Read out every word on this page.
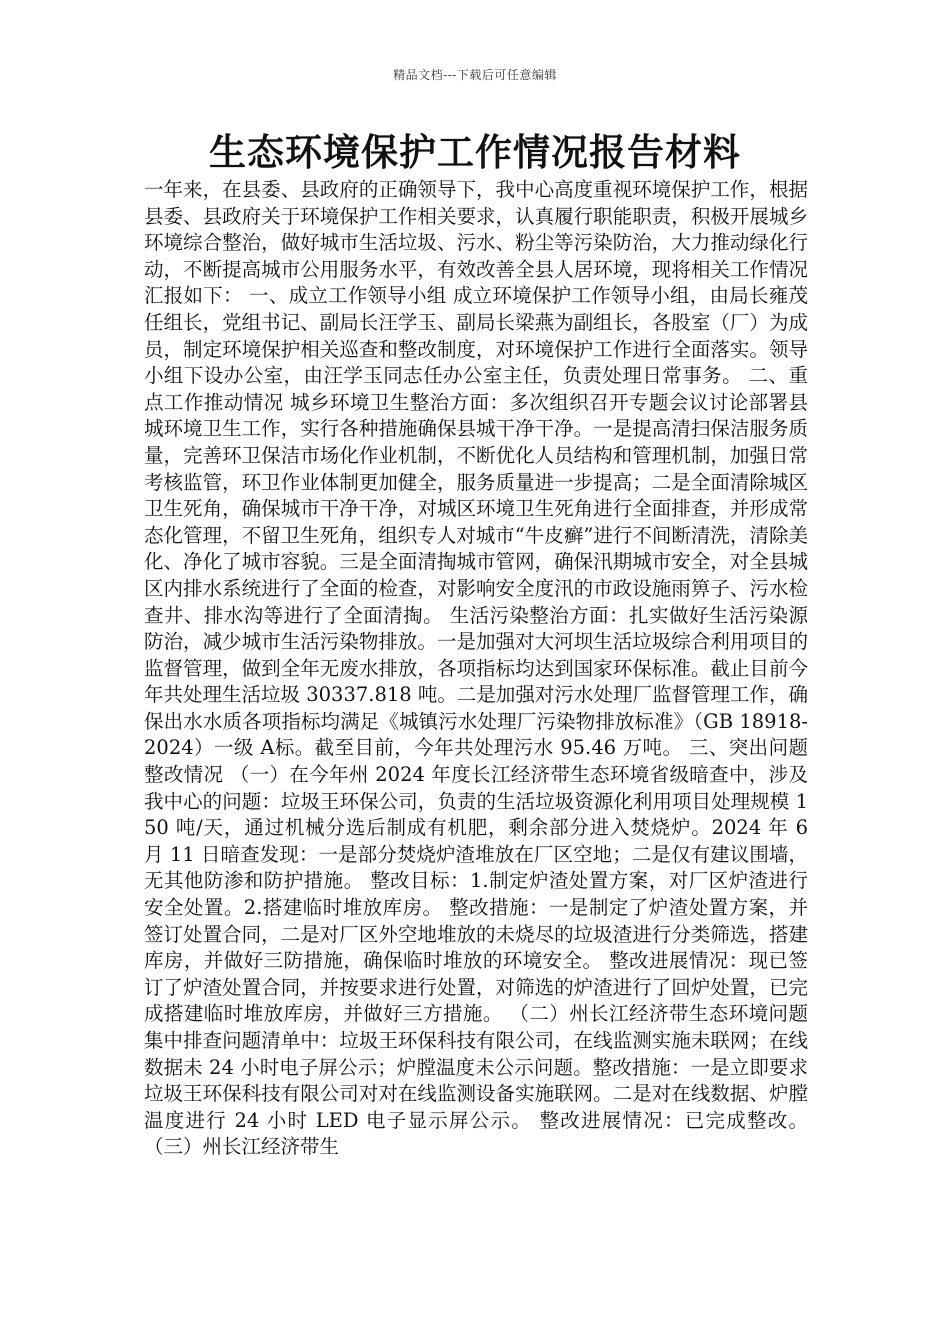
精品文档---下载后可任意编辑
生态环境保护工作情况报告材料

一年来，在县委、县政府的正确领导下，我中心高度重视环境保护工作，根据县委、县政府关于环境保护工作相关要求，认真履行职能职责，积极开展城乡环境综合整治，做好城市生活垃圾、污水、粉尘等污染防治，大力推动绿化行动，不断提高城市公用服务水平，有效改善全县人居环境，现将相关工作情况汇报如下： 一、成立工作领导小组 成立环境保护工作领导小组，由局长雍茂任组长，党组书记、副局长汪学玉、副局长梁燕为副组长，各股室（厂）为成员，制定环境保护相关巡查和整改制度，对环境保护工作进行全面落实。领导小组下设办公室，由汪学玉同志任办公室主任，负责处理日常事务。 二、重点工作推动情况 城乡环境卫生整治方面：多次组织召开专题会议讨论部署县城环境卫生工作，实行各种措施确保县城干净干净。一是提高清扫保洁服务质量，完善环卫保洁市场化作业机制，不断优化人员结构和管理机制，加强日常考核监管，环卫作业体制更加健全，服务质量进一步提高；二是全面清除城区卫生死角，确保城市干净干净，对城区环境卫生死角进行全面排查，并形成常态化管理，不留卫生死角，组织专人对城市“牛皮癣”进行不间断清洗，清除美化、净化了城市容貌。三是全面清掏城市管网，确保汛期城市安全，对全县城区内排水系统进行了全面的检查，对影响安全度汛的市政设施雨箅子、污水检查井、排水沟等进行了全面清掏。 生活污染整治方面：扎实做好生活污染源防治，减少城市生活污染物排放。一是加强对大河坝生活垃圾综合利用项目的监督管理，做到全年无废水排放，各项指标均达到国家环保标准。截止目前今年共处理生活垃圾 30337.818 吨。二是加强对污水处理厂监督管理工作，确保出水水质各项指标均满足《城镇污水处理厂污染物排放标准》（GB 18918-2024）一级 A标。截至目前，今年共处理污水 95.46 万吨。 三、突出问题整改情况 （一）在今年州 2024 年度长江经济带生态环境省级暗查中，涉及我中心的问题：垃圾王环保公司，负责的生活垃圾资源化利用项目处理规模 150 吨/天，通过机械分选后制成有机肥，剩余部分进入焚烧炉。2024 年 6 月 11 日暗查发现：一是部分焚烧炉渣堆放在厂区空地；二是仅有建议围墙，无其他防渗和防护措施。 整改目标：1.制定炉渣处置方案，对厂区炉渣进行安全处置。2.搭建临时堆放库房。 整改措施：一是制定了炉渣处置方案，并签订处置合同，二是对厂区外空地堆放的未烧尽的垃圾渣进行分类筛选，搭建库房，并做好三防措施，确保临时堆放的环境安全。 整改进展情况：现已签订了炉渣处置合同，并按要求进行处置，对筛选的炉渣进行了回炉处置，已完成搭建临时堆放库房，并做好三方措施。 （二）州长江经济带生态环境问题集中排查问题清单中：垃圾王环保科技有限公司，在线监测实施未联网；在线数据未 24 小时电子屏公示；炉膛温度未公示问题。整改措施：一是立即要求垃圾王环保科技有限公司对对在线监测设备实施联网。二是对在线数据、炉膛温度进行 24 小时 LED 电子显示屏公示。 整改进展情况：已完成整改。 （三）州长江经济带生
